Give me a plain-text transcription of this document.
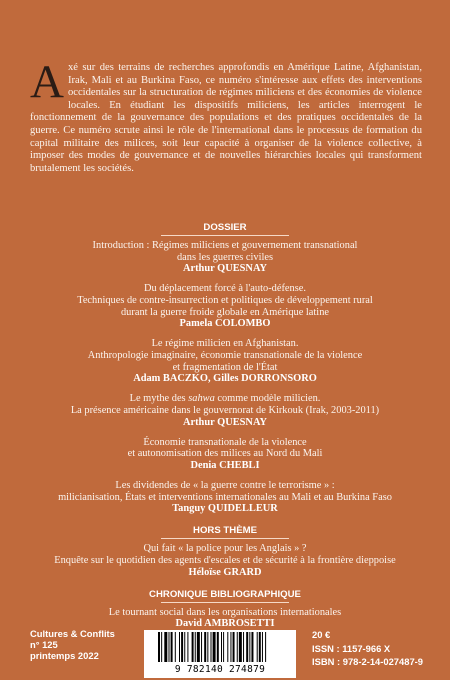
Axé sur des terrains de recherches approfondis en Amérique Latine, Afghanistan, Irak, Mali et au Burkina Faso, ce numéro s'intéresse aux effets des interventions occidentales sur la structuration de régimes miliciens et des économies de violence locales. En étudiant les dispositifs miliciens, les articles interrogent le fonctionnement de la gouvernance des populations et des pratiques occidentales de la guerre. Ce numéro scrute ainsi le rôle de l'international dans le processus de formation du capital militaire des milices, soit leur capacité à organiser de la violence collective, à imposer des modes de gouvernance et de nouvelles hiérarchies locales qui transforment brutalement les sociétés.
DOSSIER
Introduction : Régimes miliciens et gouvernement transnational
dans les guerres civiles
Arthur QUESNAY
Du déplacement forcé à l'auto-défense.
Techniques de contre-insurrection et politiques de développement rural
durant la guerre froide globale en Amérique latine
Pamela COLOMBO
Le régime milicien en Afghanistan.
Anthropologie imaginaire, économie transnationale de la violence
et fragmentation de l'État
Adam BACZKO, Gilles DORRONSORO
Le mythe des sahwa comme modèle milicien.
La présence américaine dans le gouvernorat de Kirkouk (Irak, 2003-2011)
Arthur QUESNAY
Économie transnationale de la violence
et autonomisation des milices au Nord du Mali
Denia CHEBLI
Les dividendes de « la guerre contre le terrorisme » :
milicianisation, États et interventions internationales au Mali et au Burkina Faso
Tanguy QUIDELLEUR
HORS THÈME
Qui fait « la police pour les Anglais » ?
Enquête sur le quotidien des agents d'escales et de sécurité à la frontière dieppoise
Héloïse GRARD
CHRONIQUE BIBLIOGRAPHIQUE
Le tournant social dans les organisations internationales
David AMBROSETTI
Cultures & Conflits
n° 125
printemps 2022
9 782140 274879
20 €
ISSN : 1157-966 X
ISBN : 978-2-14-027487-9
